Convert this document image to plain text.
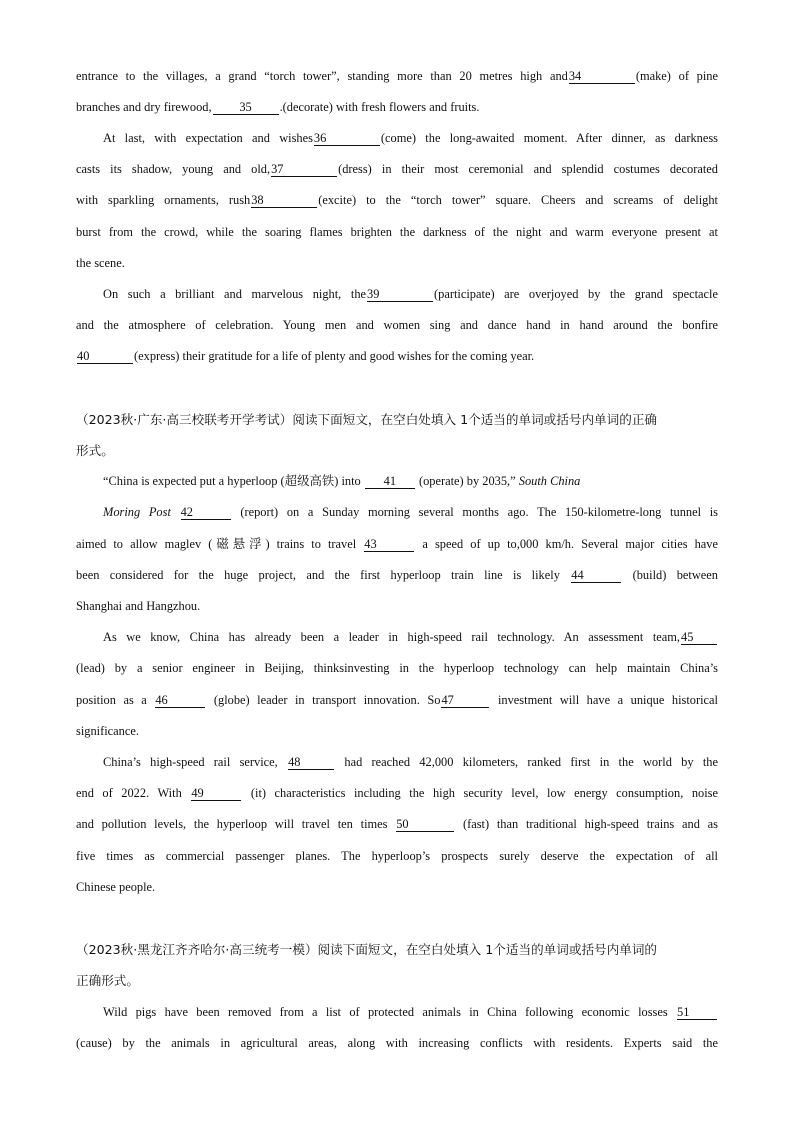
entrance to the villages, a grand “torch tower”, standing more than 20 metres high and34	(make) of pine
branches and dry firewood, 35 .(decorate) with fresh flowers and fruits.
At last, with expectation and wishes36	(come) the long-awaited moment. After dinner, as darkness
casts its shadow, young and old,37	(dress) in their most ceremonial and splendid costumes decorated
with sparkling ornaments, rush38	(excite) to the “torch tower” square. Cheers and screams of delight
burst from the crowd, while the soaring flames brighten the darkness of the night and warm everyone present at
the scene.
On such a brilliant and marvelous night, the39	(participate) are overjoyed by the grand spectacle
and the atmosphere of celebration. Young men and women sing and dance hand in hand around the bonfire
40	(express) their gratitude for a life of plenty and good wishes for the coming year.
（2023秋·广东·高三校联考开学考试）阅读下面短文，在空白处填入 1个适当的单词或括号内单词的正确
形式。
“China is expected put a hyperloop (超级高铁) into 41 (operate) by 2035,” South China
Moring Post 42	(report) on a Sunday morning several months ago. The 150-kilometre-long tunnel is
aimed to allow maglev (磁悬浮) trains to travel 43	a speed of up to,000 km/h. Several major cities have
been considered for the huge project, and the first hyperloop train line is likely 44	(build) between
Shanghai and Hangzhou.
As we know, China has already been a leader in high-speed rail technology. An assessment team,45
(lead) by a senior engineer in Beijing, thinksinvesting in the hyperloop technology can help maintain China’s
position as a 46	(globe) leader in transport innovation. So47	investment will have a unique historical
significance.
China’s high-speed rail service, 48	had reached 42,000 kilometers, ranked first in the world by the
end of 2022. With 49	(it) characteristics including the high security level, low energy consumption, noise
and pollution levels, the hyperloop will travel ten times 50	(fast) than traditional high-speed trains and as
five times as commercial passenger planes. The hyperloop’s prospects surely deserve the expectation of all
Chinese people.
（2023秋·黑龙江齐齐哈尔·高三统考一模）阅读下面短文，在空白处填入 1个适当的单词或括号内单词的
正确形式。
Wild pigs have been removed from a list of protected animals in China following economic losses 51
(cause) by the animals in agricultural areas, along with increasing conflicts with residents. Experts said the
